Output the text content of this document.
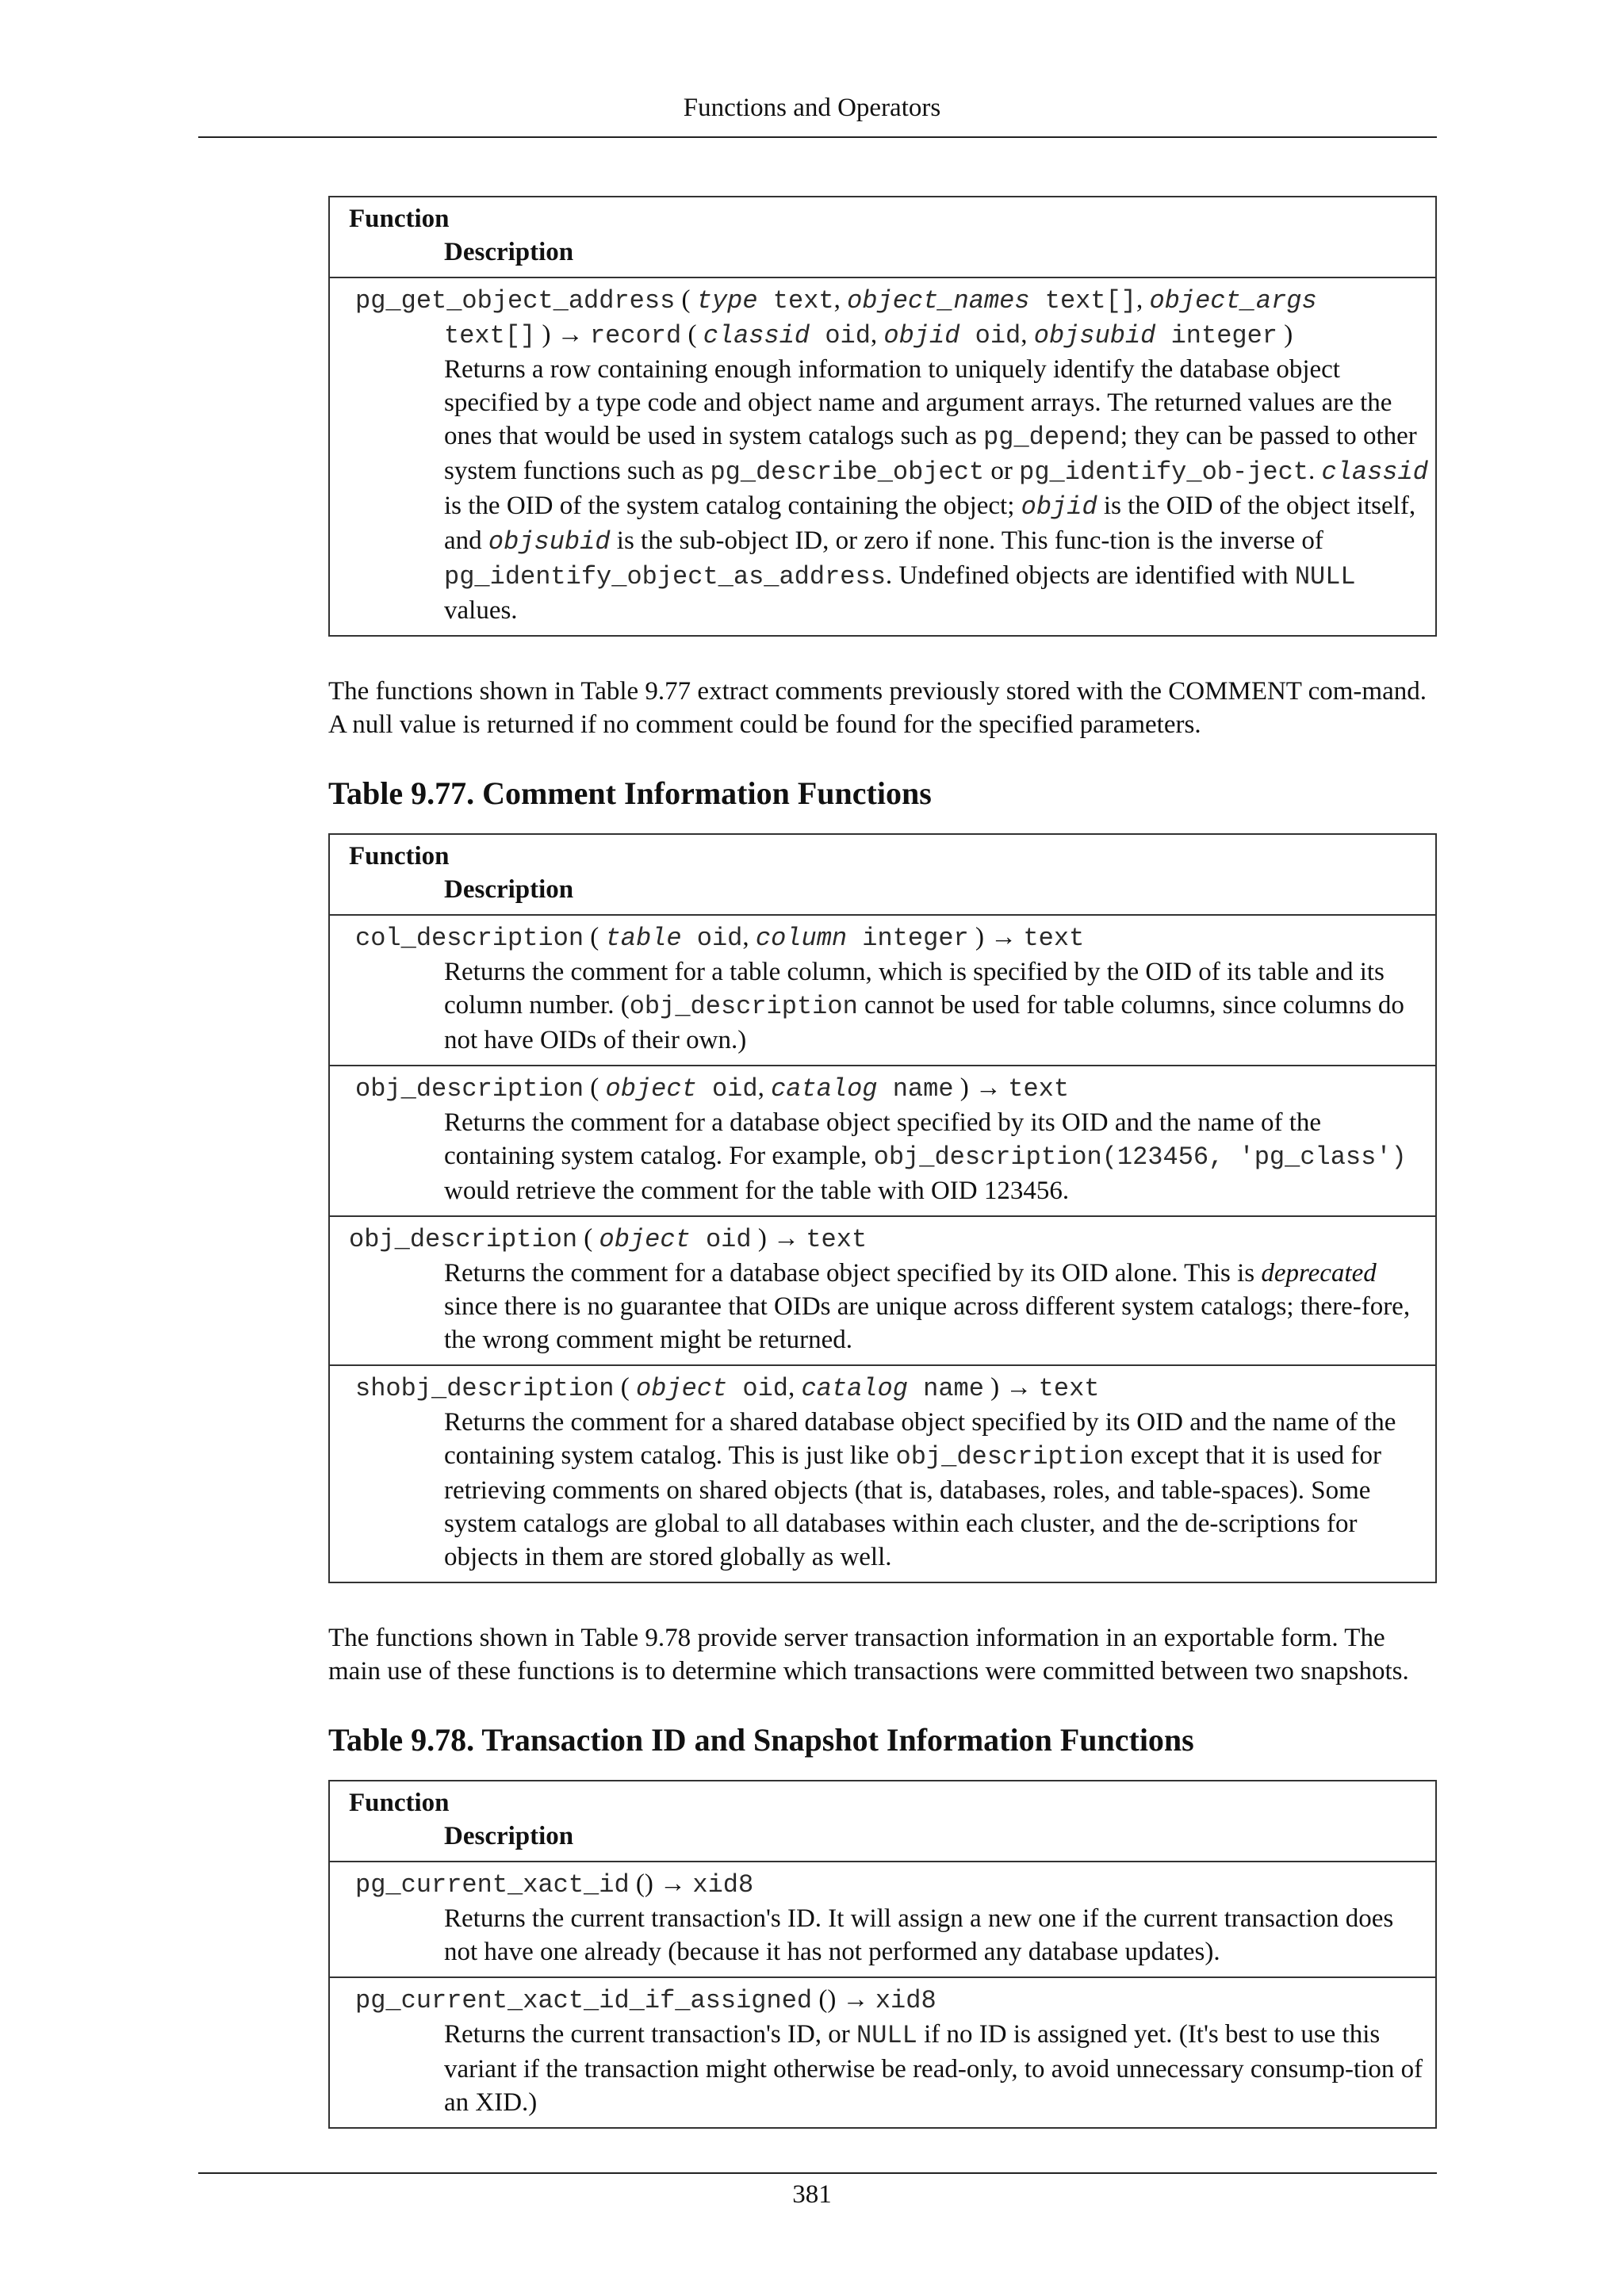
Functions and Operators
Function
Description
pg_get_object_address ( type text, object_names text[], object_args
text[] ) → record ( classid oid, objid oid, objsubid integer )
Returns a row containing enough information to uniquely identify the database object specified by a type code and object name and argument arrays. The returned values are the ones that would be used in system catalogs such as pg_depend; they can be passed to other system functions such as pg_describe_object or pg_identify_ob-ject. classid is the OID of the system catalog containing the object; objid is the OID of the object itself, and objsubid is the sub-object ID, or zero if none. This func-tion is the inverse of pg_identify_object_as_address. Undefined objects are identified with NULL values.

The functions shown in Table 9.77 extract comments previously stored with the COMMENT com-mand. A null value is returned if no comment could be found for the specified parameters.

Table 9.77. Comment Information Functions
Function
Description
col_description ( table oid, column integer ) → text
Returns the comment for a table column, which is specified by the OID of its table and its column number. (obj_description cannot be used for table columns, since columns do not have OIDs of their own.)
obj_description ( object oid, catalog name ) → text
Returns the comment for a database object specified by its OID and the name of the containing system catalog. For example, obj_description(123456, 'pg_class') would retrieve the comment for the table with OID 123456.
obj_description ( object oid ) → text
Returns the comment for a database object specified by its OID alone. This is deprecated since there is no guarantee that OIDs are unique across different system catalogs; there-fore, the wrong comment might be returned.
shobj_description ( object oid, catalog name ) → text
Returns the comment for a shared database object specified by its OID and the name of the containing system catalog. This is just like obj_description except that it is used for retrieving comments on shared objects (that is, databases, roles, and table-spaces). Some system catalogs are global to all databases within each cluster, and the de-scriptions for objects in them are stored globally as well.

The functions shown in Table 9.78 provide server transaction information in an exportable form. The main use of these functions is to determine which transactions were committed between two snapshots.

Table 9.78. Transaction ID and Snapshot Information Functions
Function
Description
pg_current_xact_id () → xid8
Returns the current transaction's ID. It will assign a new one if the current transaction does not have one already (because it has not performed any database updates).
pg_current_xact_id_if_assigned () → xid8
Returns the current transaction's ID, or NULL if no ID is assigned yet. (It's best to use this variant if the transaction might otherwise be read-only, to avoid unnecessary consump-tion of an XID.)
381
